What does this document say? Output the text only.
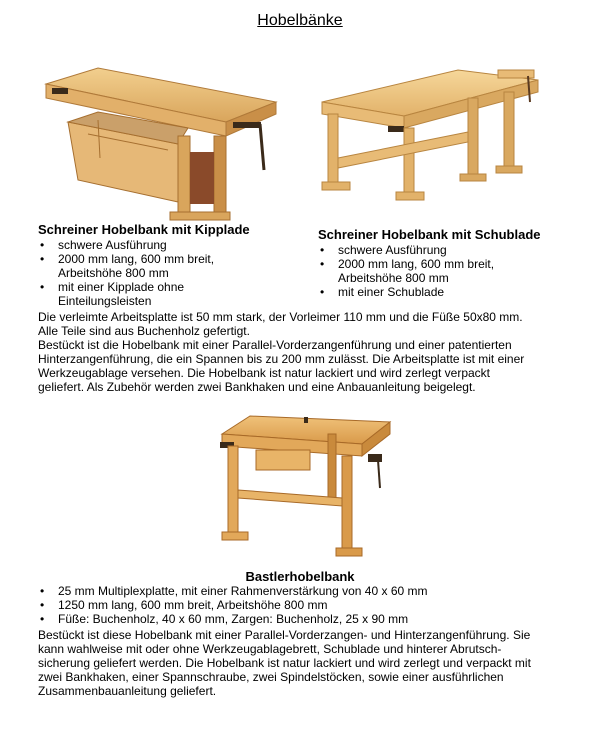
Hobelbänke
Schreiner Hobelbank mit Kipplade
• schwere Ausführung
• 2000 mm lang, 600 mm breit,
Arbeitshöhe 800 mm
• mit einer Kipplade ohne
Einteilungsleisten
Schreiner Hobelbank mit Schublade
• schwere Ausführung
• 2000 mm lang, 600 mm breit,
Arbeitshöhe 800 mm
• mit einer Schublade
Die verleimte Arbeitsplatte ist 50 mm stark, der Vorleimer 110 mm und die Füße 50x80 mm.
Alle Teile sind aus Buchenholz gefertigt.
Bestückt ist die Hobelbank mit einer Parallel-Vorderzangenführung und einer patentierten
Hinterzangenführung, die ein Spannen bis zu 200 mm zulässt. Die Arbeitsplatte ist mit einer
Werkzeugablage versehen. Die Hobelbank ist natur lackiert und wird zerlegt verpackt
geliefert. Als Zubehör werden zwei Bankhaken und eine Anbauanleitung beigelegt.
Bastlerhobelbank
• 25 mm Multiplexplatte, mit einer Rahmenverstärkung von 40 x 60 mm
• 1250 mm lang, 600 mm breit, Arbeitshöhe 800 mm
• Füße: Buchenholz, 40 x 60 mm, Zargen: Buchenholz, 25 x 90 mm
Bestückt ist diese Hobelbank mit einer Parallel-Vorderzangen- und Hinterzangenführung. Sie
kann wahlweise mit oder ohne Werkzeugablagebrett, Schublade und hinterer Abrutsch-
sicherung geliefert werden. Die Hobelbank ist natur lackiert und wird zerlegt und verpackt mit
zwei Bankhaken, einer Spannschraube, zwei Spindelstöcken, sowie einer ausführlichen
Zusammenbauanleitung geliefert.
